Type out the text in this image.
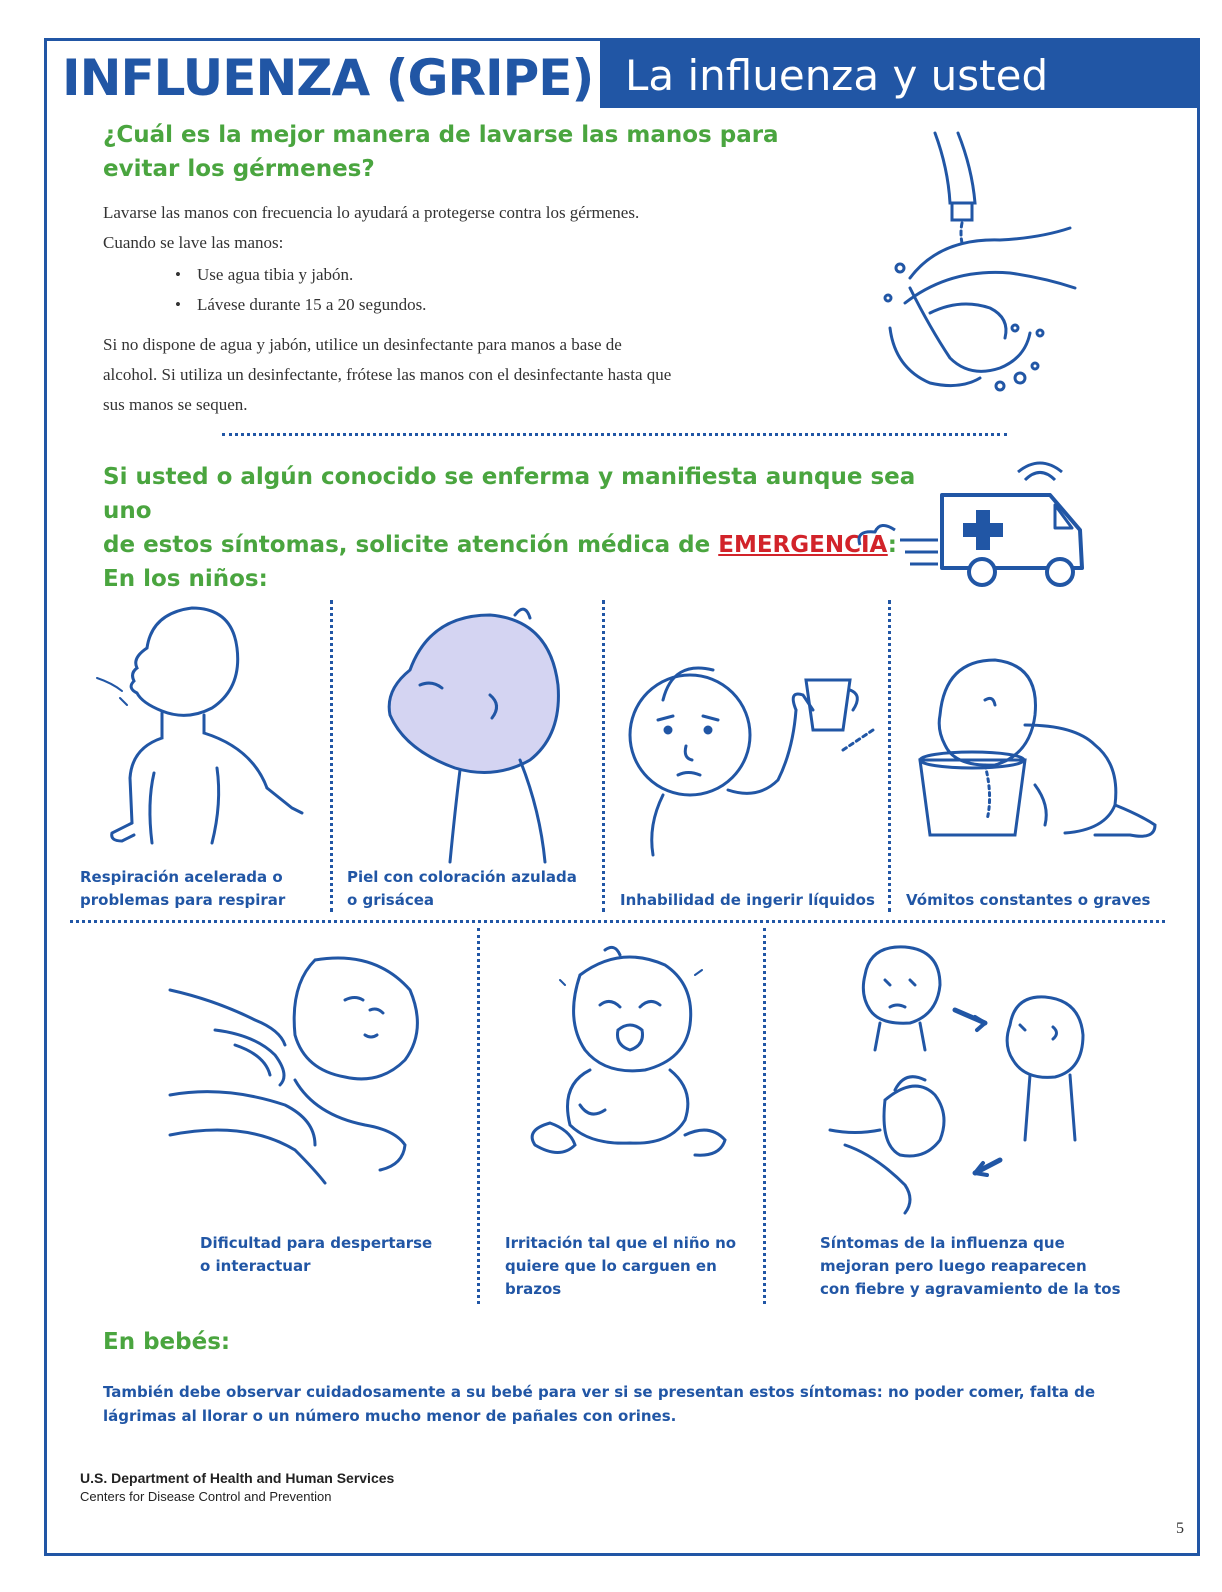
INFLUENZA (GRIPE) La influenza y usted
¿Cuál es la mejor manera de lavarse las manos para
evitar los gérmenes?
Lavarse las manos con frecuencia lo ayudará a protegerse contra los gérmenes.
Cuando se lave las manos:
• Use agua tibia y jabón.
• Lávese durante 15 a 20 segundos.
Si no dispone de agua y jabón, utilice un desinfectante para manos a base de
alcohol. Si utiliza un desinfectante, frótese las manos con el desinfectante hasta que
sus manos se sequen.
Si usted o algún conocido se enferma y manifiesta aunque sea uno
de estos síntomas, solicite atención médica de EMERGENCIA:
En los niños:
Respiración acelerada o
problemas para respirar
Piel con coloración azulada
o grisácea	Inhabilidad de ingerir líquidos	Vómitos constantes o graves
Dificultad para despertarse
o interactuar
Irritación tal que el niño no
quiere que lo carguen en
brazos
Síntomas de la influenza que
mejoran pero luego reaparecen
con fiebre y agravamiento de la tos
En bebés:
También debe observar cuidadosamente a su bebé para ver si se presentan estos síntomas: no poder comer, falta de
lágrimas al llorar o un número mucho menor de pañales con orines.
U.S. Department of Health and Human Services
Centers for Disease Control and Prevention
5
